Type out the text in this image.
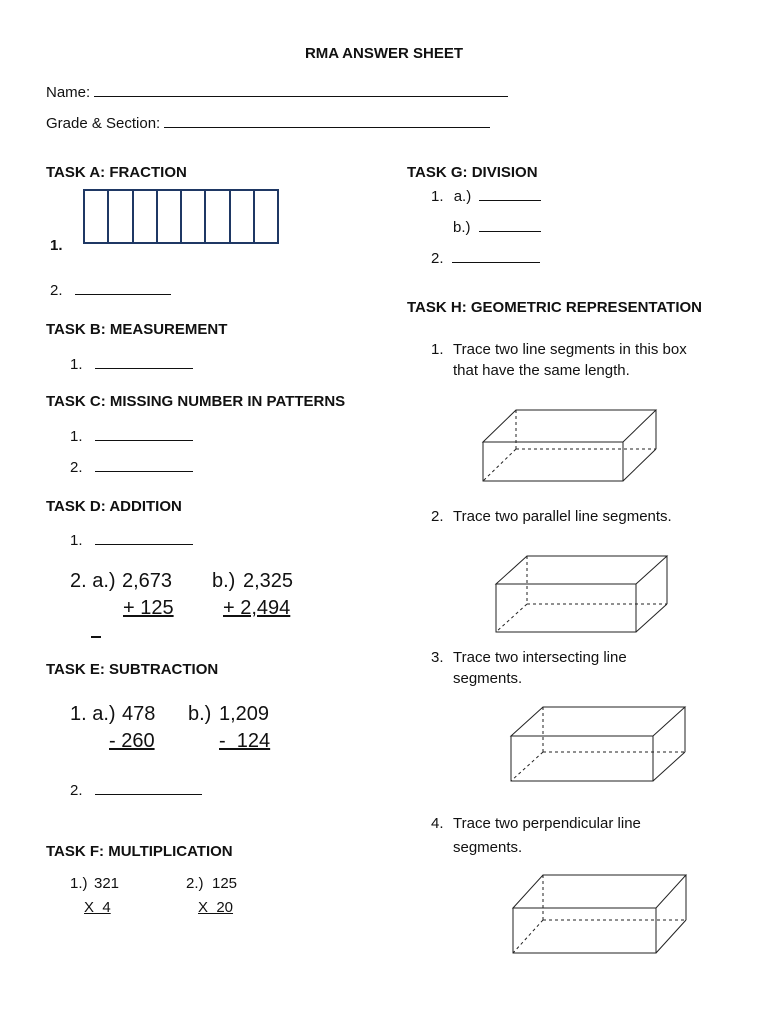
RMA ANSWER SHEET
Name:
Grade & Section:
TASK A: FRACTION
1.
2.
TASK B: MEASUREMENT
1.
TASK C: MISSING NUMBER IN PATTERNS
1.
2.
TASK D: ADDITION
1.
2. a.) 2,673
+ 125
b.) 2,325
+ 2,494
TASK E: SUBTRACTION
1. a.) 478
- 260
b.) 1,209
-  124
2.
TASK F: MULTIPLICATION
1.) 321
X  4
2.) 125
X  20
TASK G: DIVISION
1. a.)
b.)
2.
TASK H: GEOMETRIC REPRESENTATION
1. Trace two line segments in this box
that have the same length.
2. Trace two parallel line segments.
3. Trace two intersecting line
segments.
4. Trace two perpendicular line
segments.
